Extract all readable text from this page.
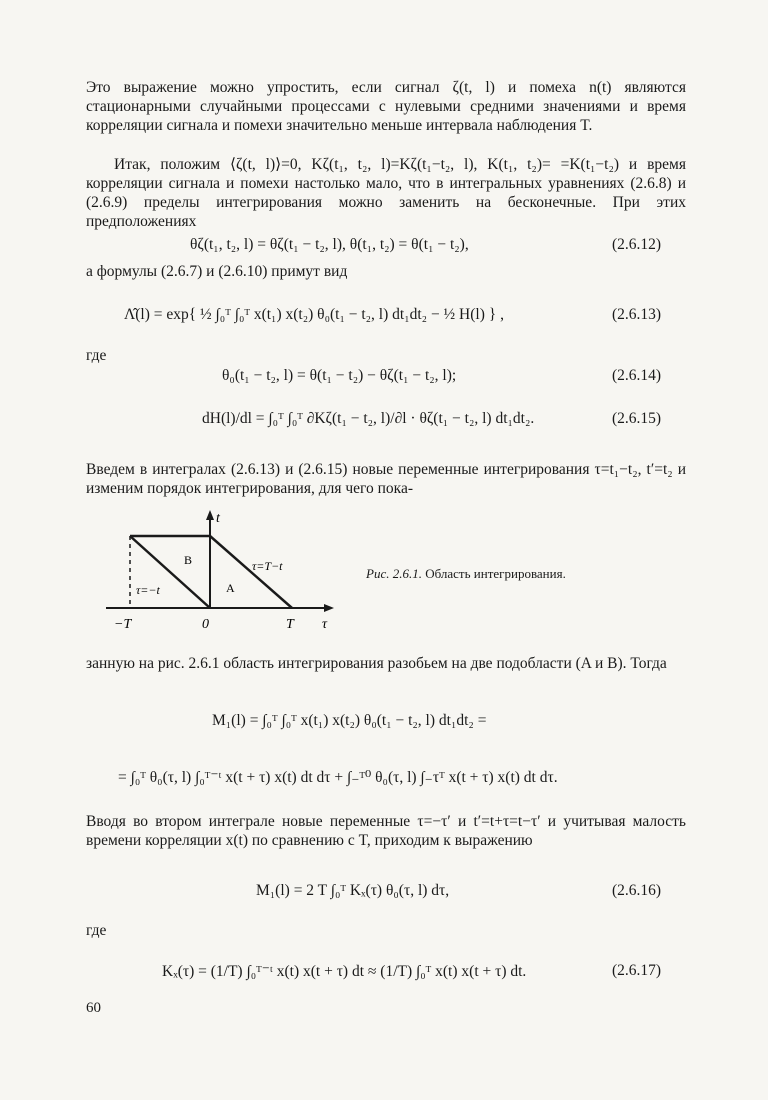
Это выражение можно упростить, если сигнал ζ(t, l) и помеха n(t) являются стационарными случайными процессами с нулевыми средними значениями и время корреляции сигнала и помехи значительно меньше интервала наблюдения T.

Итак, положим ⟨ζ(t, l)⟩=0, Kζ(t₁, t₂, l)=Kζ(t₁−t₂, l), K(t₁, t₂)= =K(t₁−t₂) и время корреляции сигнала и помехи настолько мало, что в интегральных уравнениях (2.6.8) и (2.6.9) пределы интегрирования можно заменить на бесконечные. При этих предположениях

θζ(t₁, t₂, l) = θζ(t₁ − t₂, l), θ(t₁, t₂) = θ(t₁ − t₂),	(2.6.12)

а формулы (2.6.7) и (2.6.10) примут вид

Λ̂(l) = exp{ ½ ∫₀ᵀ ∫₀ᵀ x(t₁) x(t₂) θ₀(t₁ − t₂, l) dt₁dt₂ − ½ H(l) } ,	(2.6.13)
где
θ₀(t₁ − t₂, l) = θ(t₁ − t₂) − θζ(t₁ − t₂, l);	(2.6.14)
dH(l)/dl = ∫₀ᵀ ∫₀ᵀ ∂Kζ(t₁ − t₂, l)/∂l · θζ(t₁ − t₂, l) dt₁dt₂.	(2.6.15)

Введем в интегралах (2.6.13) и (2.6.15) новые переменные интегрирования τ=t₁−t₂, t′=t₂ и изменим порядок интегрирования, для чего пока-

t
τ
0
−T	T
A
B
τ=−t
τ=T−t	Рис. 2.6.1. Область интегрирования.

занную на рис. 2.6.1 область интегрирования разобьем на две подобласти (A и B). Тогда

M₁(l) = ∫₀ᵀ ∫₀ᵀ x(t₁) x(t₂) θ₀(t₁ − t₂, l) dt₁dt₂ =
= ∫₀ᵀ θ₀(τ, l) ∫₀ᵀ⁻ᵗ x(t + τ) x(t) dt dτ + ∫₋ᵀ⁰ θ₀(τ, l) ∫₋τᵀ x(t + τ) x(t) dt dτ.

Вводя во втором интеграле новые переменные τ=−τ′ и t′=t+τ=t−τ′ и учитывая малость времени корреляции x(t) по сравнению с T, приходим к выражению

M₁(l) = 2 T ∫₀ᵀ Kₓ(τ) θ₀(τ, l) dτ,	(2.6.16)
где
Kₓ(τ) = (1/T) ∫₀ᵀ⁻ᵗ x(t) x(t + τ) dt ≈ (1/T) ∫₀ᵀ x(t) x(t + τ) dt.	(2.6.17)
60
